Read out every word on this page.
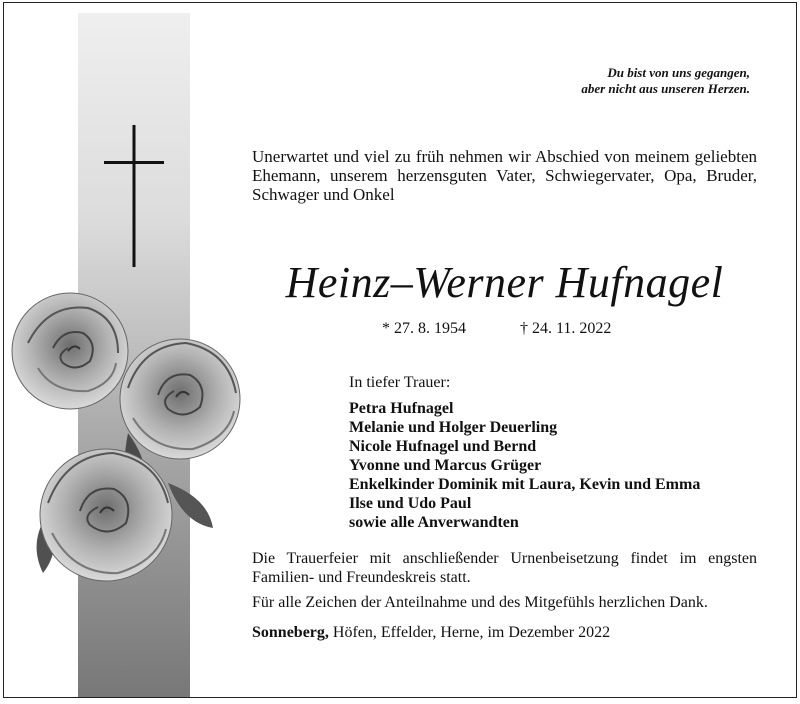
Du bist von uns gegangen,
aber nicht aus unseren Herzen.
Unerwartet und viel zu früh nehmen wir Abschied von meinem geliebten Ehemann, unserem herzensguten Vater, Schwiegervater, Opa, Bruder, Schwager und Onkel
Heinz–Werner Hufnagel
* 27. 8. 1954	† 24. 11. 2022
In tiefer Trauer:
Petra Hufnagel
Melanie und Holger Deuerling
Nicole Hufnagel und Bernd
Yvonne und Marcus Grüger
Enkelkinder Dominik mit Laura, Kevin und Emma
Ilse und Udo Paul
sowie alle Anverwandten
Die Trauerfeier mit anschließender Urnenbeisetzung findet im engsten Familien- und Freundeskreis statt.
Für alle Zeichen der Anteilnahme und des Mitgefühls herzlichen Dank.
Sonneberg, Höfen, Effelder, Herne, im Dezember 2022
